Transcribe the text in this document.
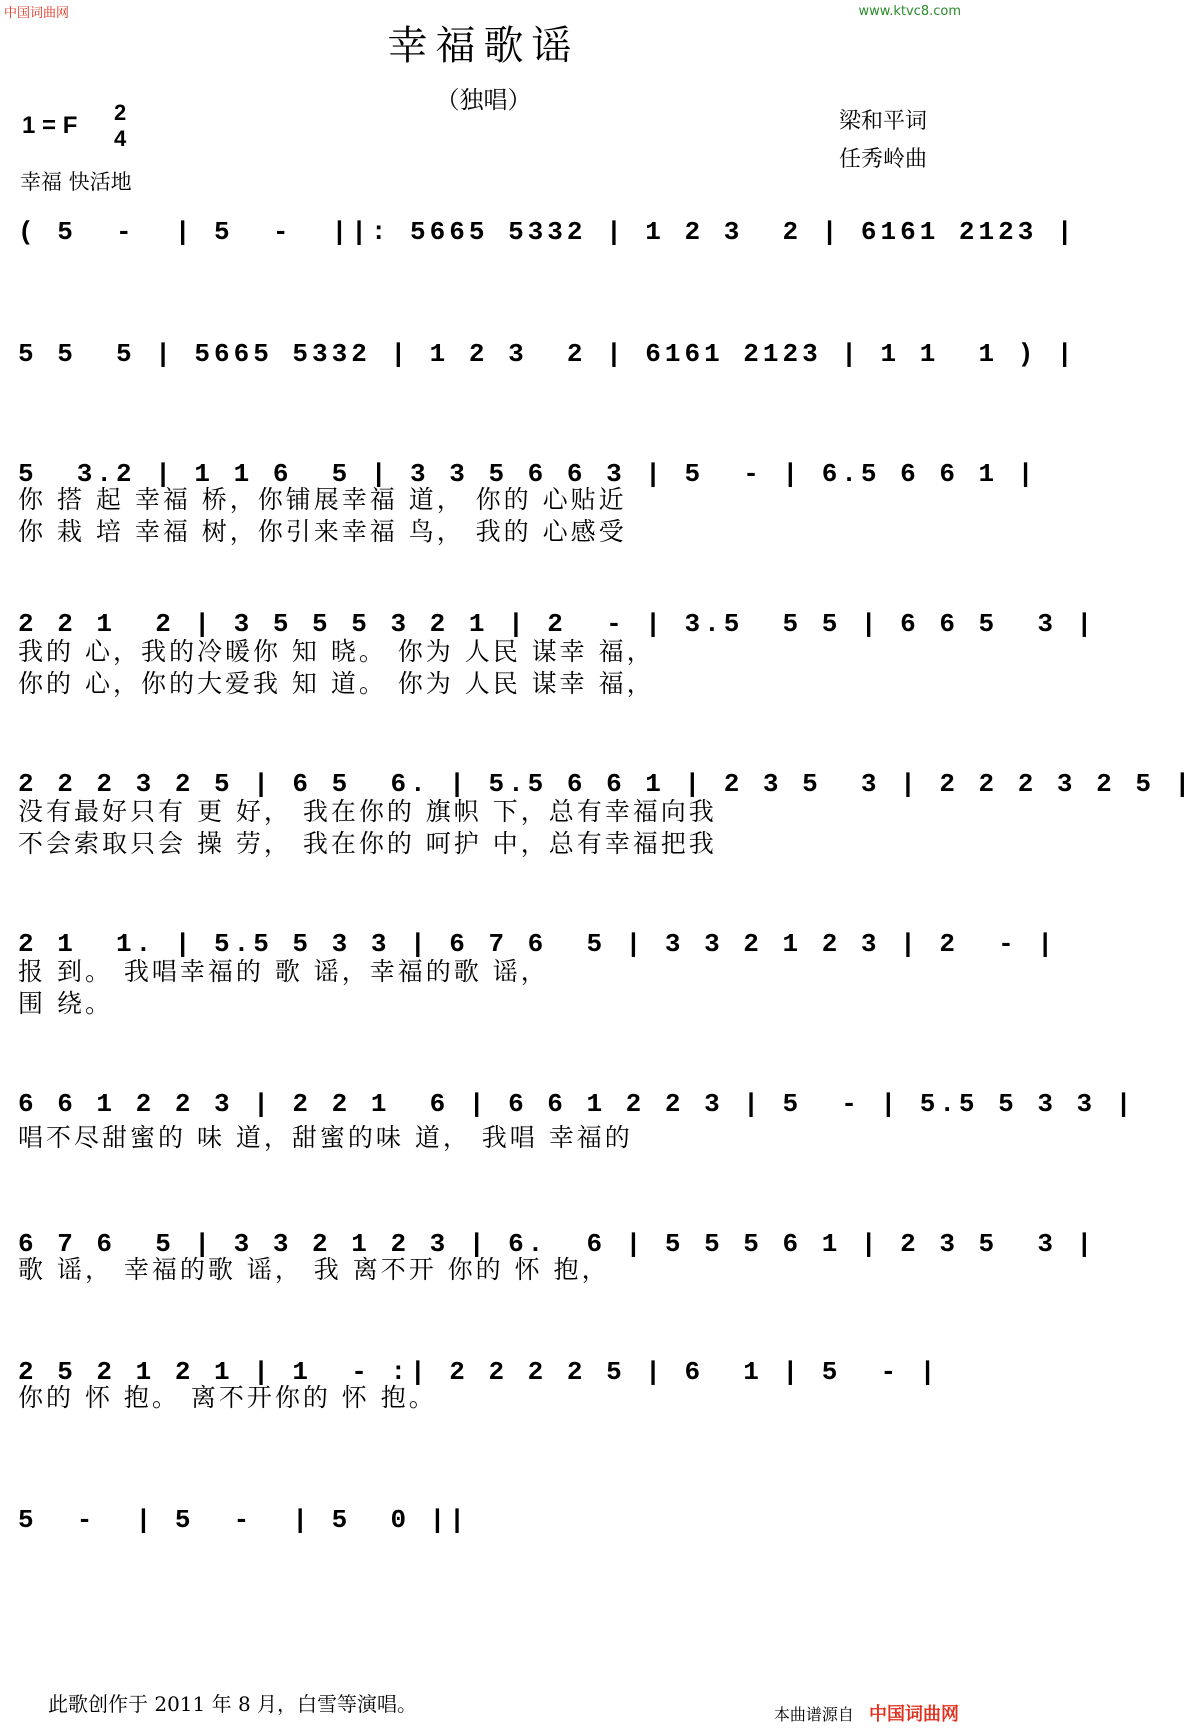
中国词曲网	www.ktvc8.com
幸福歌谣
（独唱）
1 = F 2
4
幸福 快活地
梁和平词
任秀岭曲
( 5  -  | 5  -  ||: 5665 5332 | 1 2 3  2 | 6161 2123 |
5 5  5 | 5665 5332 | 1 2 3  2 | 6161 2123 | 1 1  1 ) |
5  3.2 | 1 1 6  5 | 3 3 5 6 6 3 | 5  - | 6.5 6 6 1 |
2 2 1  2 | 3 5 5 5 3 2 1 | 2  - | 3.5  5 5 | 6 6 5  3 |
2 2 2 3 2 5 | 6 5  6. | 5.5 6 6 1 | 2 3 5  3 | 2 2 2 3 2 5 |
2 1  1. | 5.5 5 3 3 | 6 7 6  5 | 3 3 2 1 2 3 | 2  - |
6 6 1 2 2 3 | 2 2 1  6 | 6 6 1 2 2 3 | 5  - | 5.5 5 3 3 |
6 7 6  5 | 3 3 2 1 2 3 | 6.  6 | 5 5 5 6 1 | 2 3 5  3 |
2 5 2 1 2 1 | 1  - :| 2 2 2 2 5 | 6  1 | 5  - |
5  -  | 5  -  | 5  0 ||
你 搭 起 幸福 桥，你铺展幸福 道， 你的 心贴近
你 栽 培 幸福 树，你引来幸福 鸟， 我的 心感受
我的 心，我的冷暖你 知 晓。 你为 人民 谋幸 福，
你的 心，你的大爱我 知 道。 你为 人民 谋幸 福，
没有最好只有 更 好， 我在你的 旗帜 下，总有幸福向我
不会索取只会 操 劳， 我在你的 呵护 中，总有幸福把我
报 到。 我唱幸福的 歌 谣，幸福的歌 谣，
围 绕。
唱不尽甜蜜的 味 道，甜蜜的味 道， 我唱 幸福的
歌 谣， 幸福的歌 谣， 我 离不开 你的 怀 抱，
你的 怀 抱。 离不开你的 怀 抱。
此歌创作于 2011 年 8 月，白雪等演唱。	本曲谱源自 中国词曲网
